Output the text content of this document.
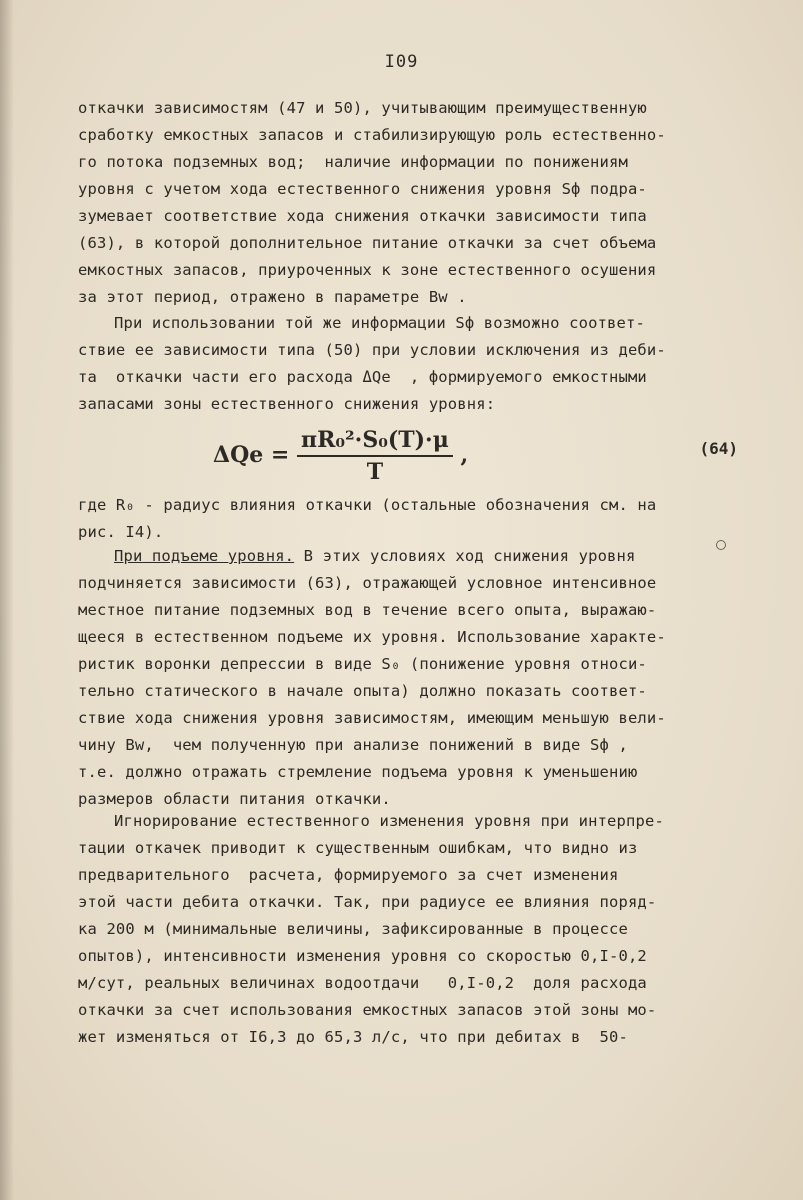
I09
откачки зависимостям (47 и 50), учитывающим преимущественную
сработку емкостных запасов и стабилизирующую роль естественно-
го потока подземных вод;  наличие информации по понижениям
уровня с учетом хода естественного снижения уровня Sф подра-
зумевает соответствие хода снижения откачки зависимости типа
(63), в которой дополнительное питание откачки за счет объема
емкостных запасов, приуроченных к зоне естественного осушения
за этот период, отражено в параметре Bw .
При использовании той же информации Sф возможно соответ-
ствие ее зависимости типа (50) при условии исключения из деби-
та  откачки части его расхода ΔQe  , формируемого емкостными
запасами зоны естественного снижения уровня:
$\Delta Qe = \frac{\text{πR₀²·S₀(T)·μ}}{T}$ ,	(64)
где R₀ - радиус влияния откачки (остальные обозначения см. на
рис. I4).
При подъеме уровня. В этих условиях ход снижения уровня
подчиняется зависимости (63), отражающей условное интенсивное
местное питание подземных вод в течение всего опыта, выражаю-
щееся в естественном подъеме их уровня. Использование характе-
ристик воронки депрессии в виде S₀ (понижение уровня относи-
тельно статического в начале опыта) должно показать соответ-
ствие хода снижения уровня зависимостям, имеющим меньшую вели-
чину Bw,  чем полученную при анализе понижений в виде Sф ,
т.е. должно отражать стремление подъема уровня к уменьшению
размеров области питания откачки.
Игнорирование естественного изменения уровня при интерпре-
тации откачек приводит к существенным ошибкам, что видно из
предварительного  расчета, формируемого за счет изменения
этой части дебита откачки. Так, при радиусе ее влияния поряд-
ка 200 м (минимальные величины, зафиксированные в процессе
опытов), интенсивности изменения уровня со скоростью 0,I-0,2
м/сут, реальных величинах водоотдачи   0,I-0,2  доля расхода
откачки за счет использования емкостных запасов этой зоны мо-
жет изменяться от I6,3 до 65,3 л/с, что при дебитах в  50-
